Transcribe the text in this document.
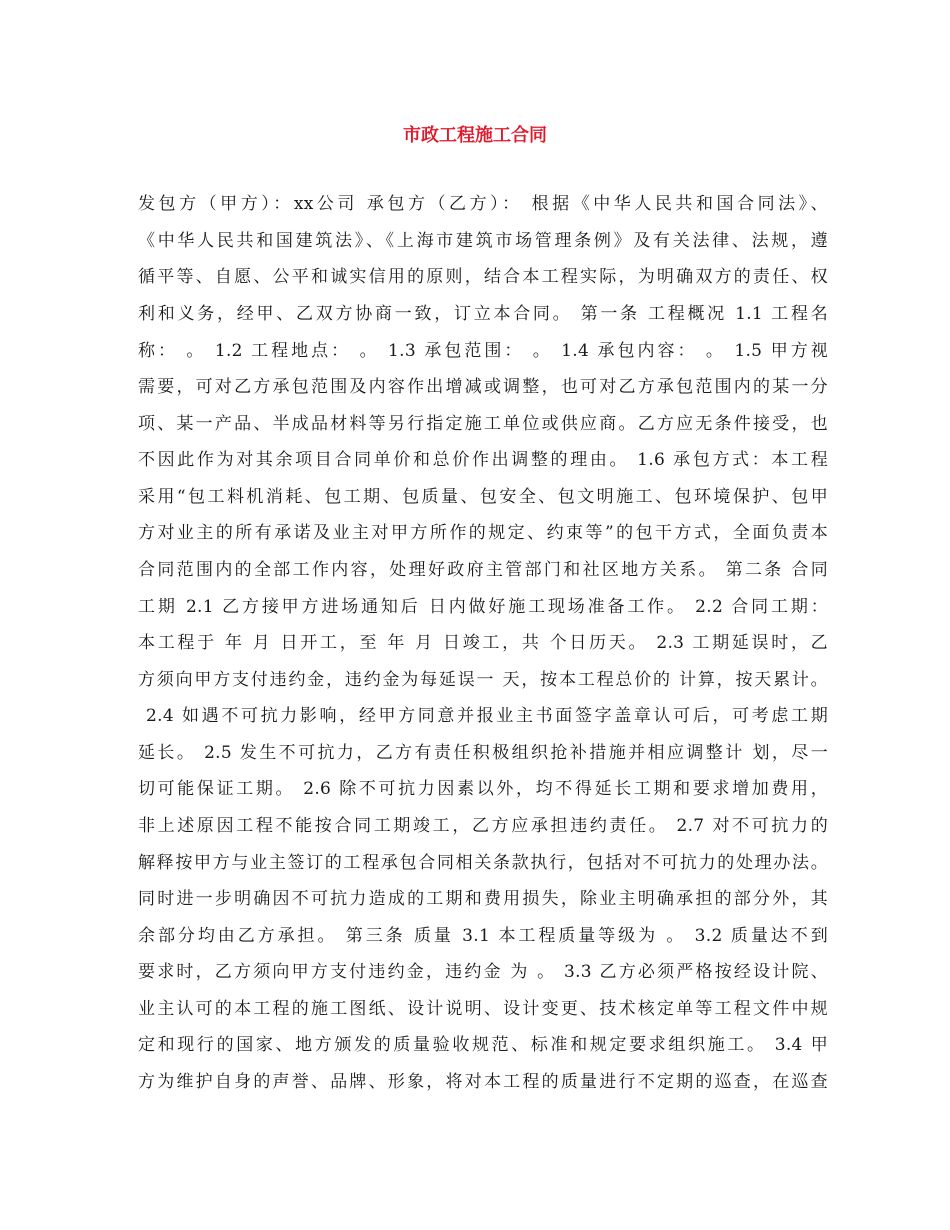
市政工程施工合同
发包方（甲方）：xx公司 承包方（乙方）： 根据《中华人民共和国合同法》、
《中华人民共和国建筑法》、《上海市建筑市场管理条例》及有关法律、法规，遵
循平等、自愿、公平和诚实信用的原则，结合本工程实际，为明确双方的责任、权
利和义务，经甲、乙双方协商一致，订立本合同。 第一条 工程概况 1.1 工程名
称： 。 1.2 工程地点： 。 1.3 承包范围： 。 1.4 承包内容： 。 1.5 甲方视
需要，可对乙方承包范围及内容作出增减或调整，也可对乙方承包范围内的某一分
项、某一产品、半成品材料等另行指定施工单位或供应商。乙方应无条件接受，也
不因此作为对其余项目合同单价和总价作出调整的理由。 1.6 承包方式：本工程
采用“包工料机消耗、包工期、包质量、包安全、包文明施工、包环境保护、包甲
方对业主的所有承诺及业主对甲方所作的规定、约束等”的包干方式，全面负责本
合同范围内的全部工作内容，处理好政府主管部门和社区地方关系。 第二条 合同
工期 2.1 乙方接甲方进场通知后 日内做好施工现场准备工作。 2.2 合同工期：
本工程于 年 月 日开工，至 年 月 日竣工，共 个日历天。 2.3 工期延误时，乙
方须向甲方支付违约金，违约金为每延误一 天，按本工程总价的 计算，按天累计。
2.4 如遇不可抗力影响，经甲方同意并报业主书面签字盖章认可后，可考虑工期
延长。 2.5 发生不可抗力，乙方有责任积极组织抢补措施并相应调整计 划，尽一
切可能保证工期。 2.6 除不可抗力因素以外，均不得延长工期和要求增加费用，
非上述原因工程不能按合同工期竣工，乙方应承担违约责任。 2.7 对不可抗力的
解释按甲方与业主签订的工程承包合同相关条款执行，包括对不可抗力的处理办法。
同时进一步明确因不可抗力造成的工期和费用损失，除业主明确承担的部分外，其
余部分均由乙方承担。 第三条 质量 3.1 本工程质量等级为 。 3.2 质量达不到
要求时，乙方须向甲方支付违约金，违约金 为 。 3.3 乙方必须严格按经设计院、
业主认可的本工程的施工图纸、设计说明、设计变更、技术核定单等工程文件中规
定和现行的国家、地方颁发的质量验收规范、标准和规定要求组织施工。 3.4 甲
方为维护自身的声誉、品牌、形象，将对本工程的质量进行不定期的巡查，在巡查
